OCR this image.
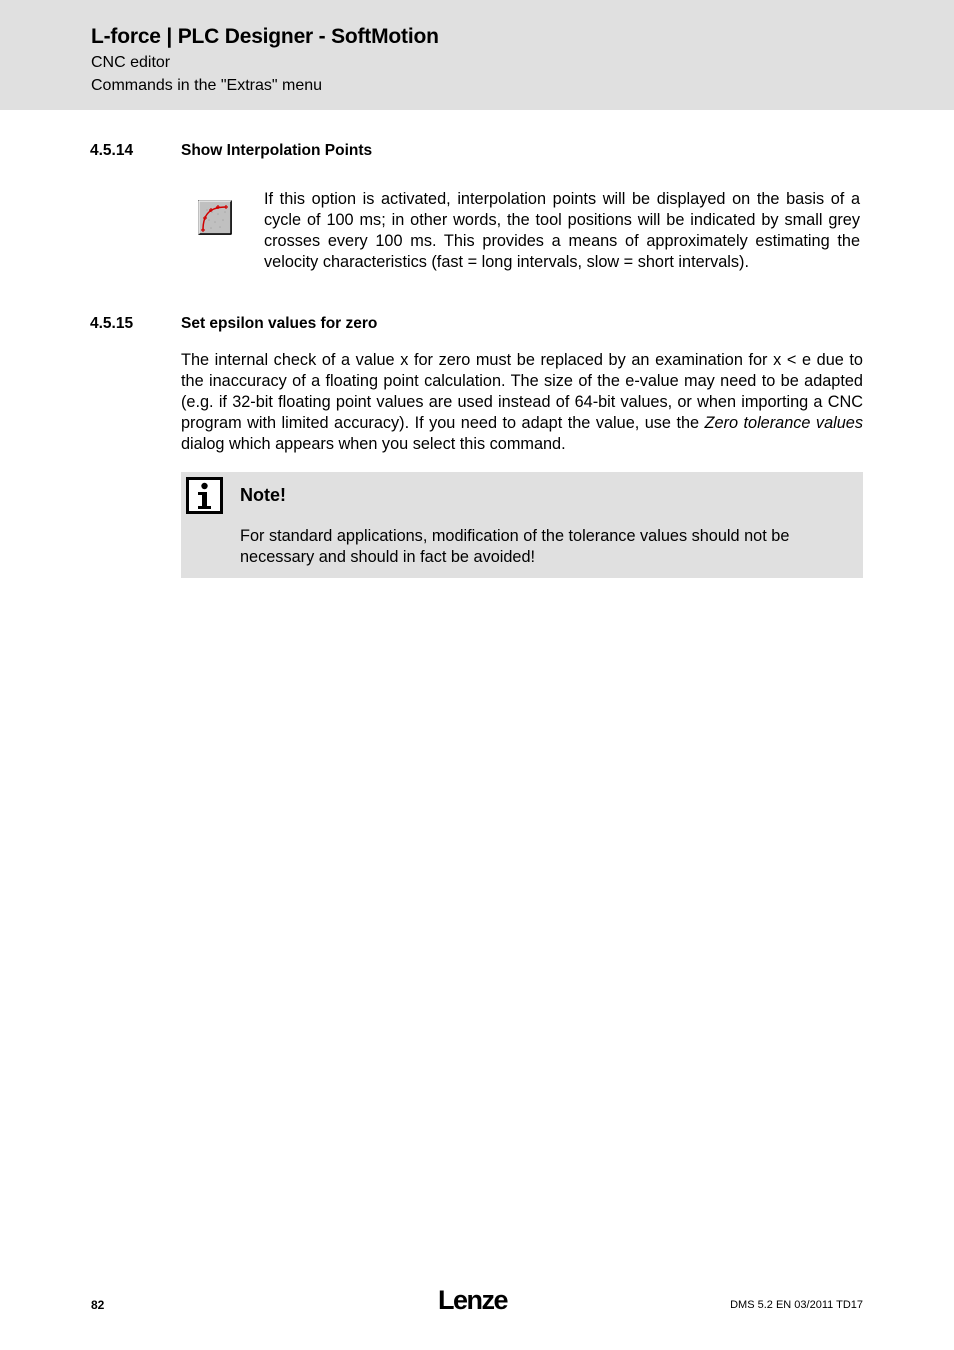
L-force | PLC Designer - SoftMotion
CNC editor
Commands in the "Extras" menu
4.5.14	Show Interpolation Points

If this option is activated, interpolation points will be displayed on the basis of a cycle of 100 ms; in other words, the tool positions will be indicated by small grey crosses every 100 ms. This provides a means of approximately estimating the velocity characteristics (fast = long intervals, slow = short intervals).

4.5.15	Set epsilon values for zero

The internal check of a value x for zero must be replaced by an examination for x < e due to the inaccuracy of a floating point calculation. The size of the e-value may need to be adapted (e.g. if 32-bit floating point values are used instead of 64-bit values, or when importing a CNC program with limited accuracy). If you need to adapt the value, use the Zero tolerance values dialog which appears when you select this command.

Note!

For standard applications, modification of the tolerance values should not be necessary and should in fact be avoided!

82	Lenze	DMS 5.2 EN 03/2011 TD17
